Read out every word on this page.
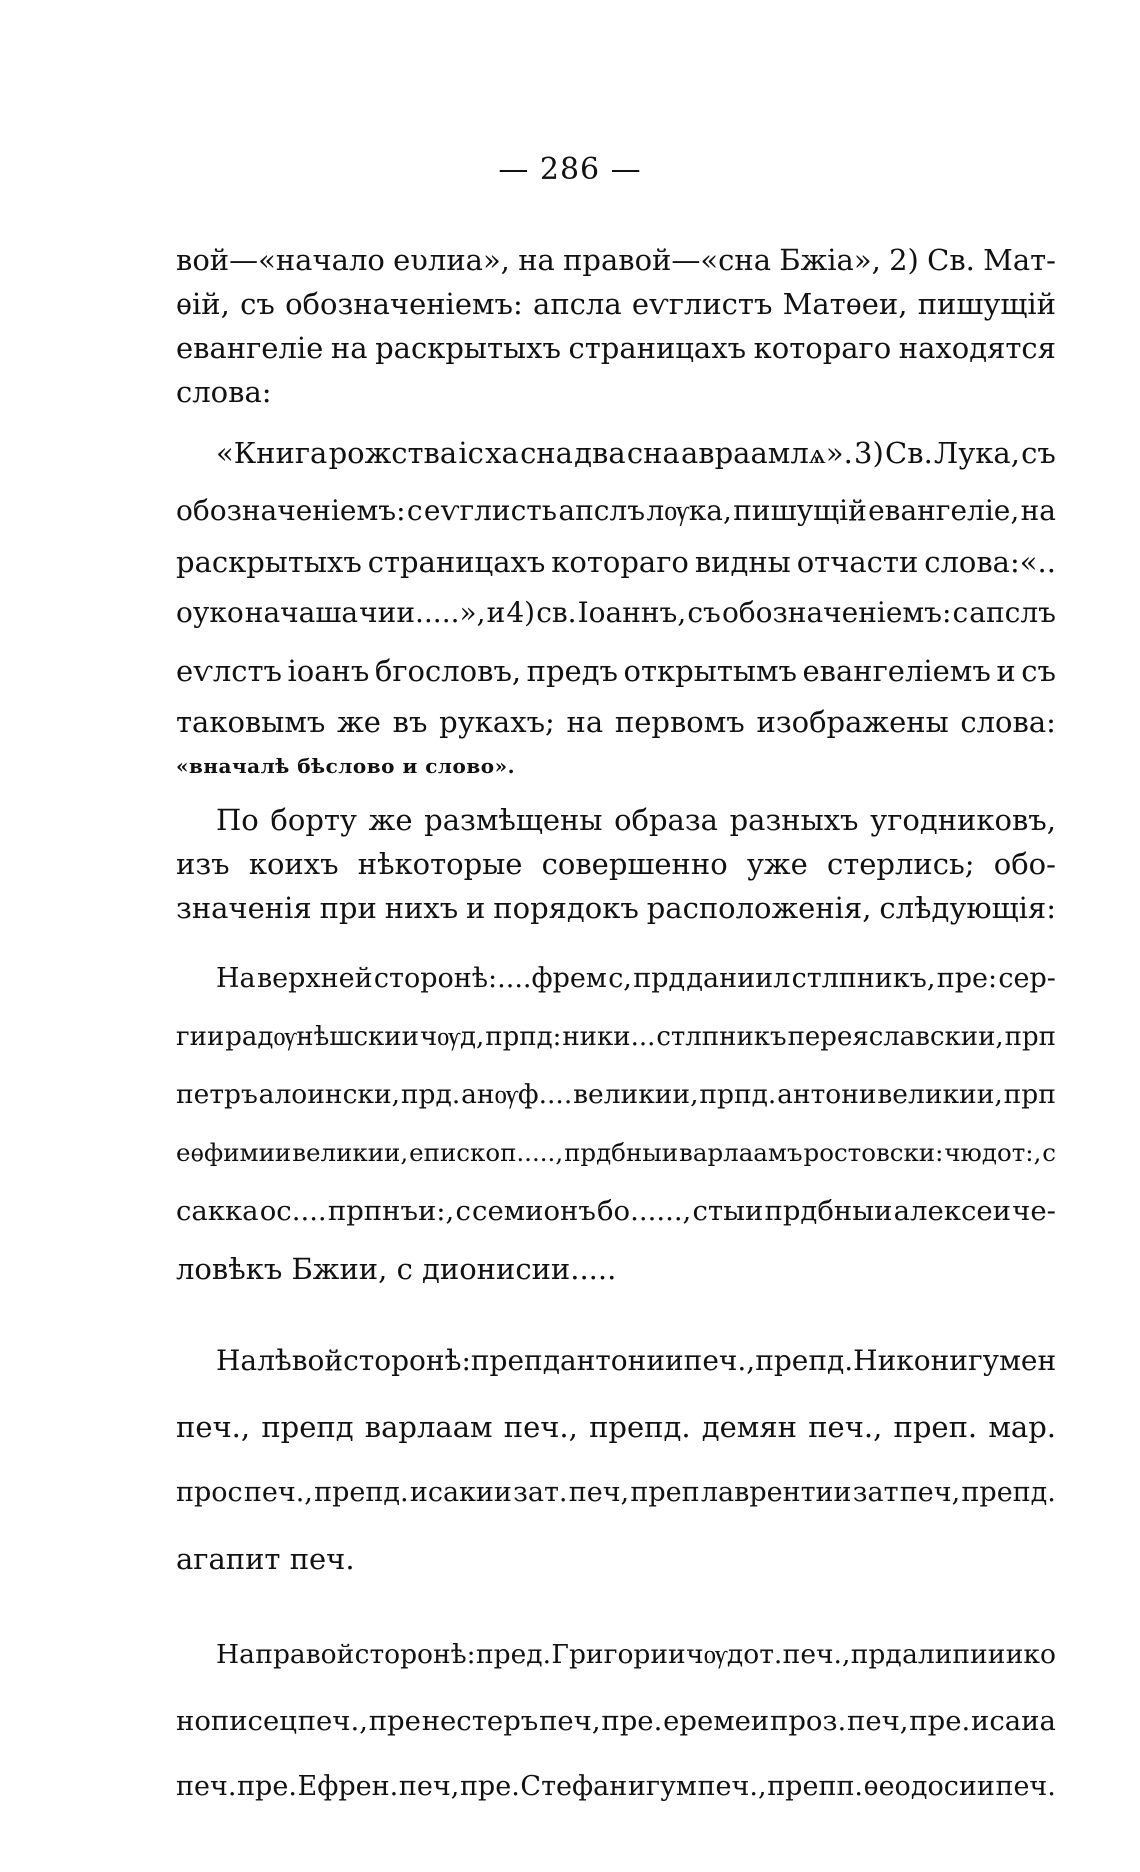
— 286 —
вой—«начало еυлиа», на правой—«сна Бжіа», 2) Св. Мат-
ѳій, съ обозначеніемъ: апсла еѵглистъ Матѳеи, пишущій
евангеліе на раскрытыхъ страницахъ котораго находятся
слова:
«Книга рожства іс ха сна два сна авраамлѧ». 3) Св. Лука, съ
обозначеніемъ: с еѵглисть апслъ лѹка, пишущій евангеліе, на
раскрытыхъ страницахъ котораго видны отчасти слова:«..
оуко начаша чии.....», и 4) св. Іоаннъ, съ обозначеніемъ: с апслъ
еѵлстъ іоанъ бгословъ, предъ открытымъ евангеліемъ и съ
таковымъ же въ рукахъ; на первомъ изображены слова:
«вначалѣ бѣслово и слово».
По борту же размѣщены образа разныхъ угодниковъ,
изъ коихъ нѣкоторые совершенно уже стерлись; обо-
значенія при нихъ и порядокъ расположенія, слѣдующія:
На верхней сторонѣ:....фрем с, прд даниил стлпникъ, пре: сер-
гии радѹнѣшскии чѹд, прпд: ники... стлпникъ переяславскии, прп
петръ алоински, прд. анѹф.... великии, прпд. антони великии, прп
еѳфимии великии, епископ....., прдбныи варлаамъ ростовски: чюдот:, с
сакка ос.... прпнъи:, с семионъ бо......, стыи прдбныи алексеи че-
ловѣкъ Бжии, с дионисии.....
На лѣвой сторонѣ: препд антонии печ., препд. Никон игумен
печ., препд варлаам печ., препд. демян печ., преп. мар.
прос печ., препд. исакии зат. печ, преп лаврентии зат печ, препд.
агапит печ.
На правой сторонѣ: пред. Григории чѹдот. печ., прд алипии ико
нописец печ., пре нестеръ печ, пре. еремеи проз. печ, пре. исаиа
печ. пре. Ефрен. печ, пре. Стефан игум печ., препп. ѳеодосии печ.
